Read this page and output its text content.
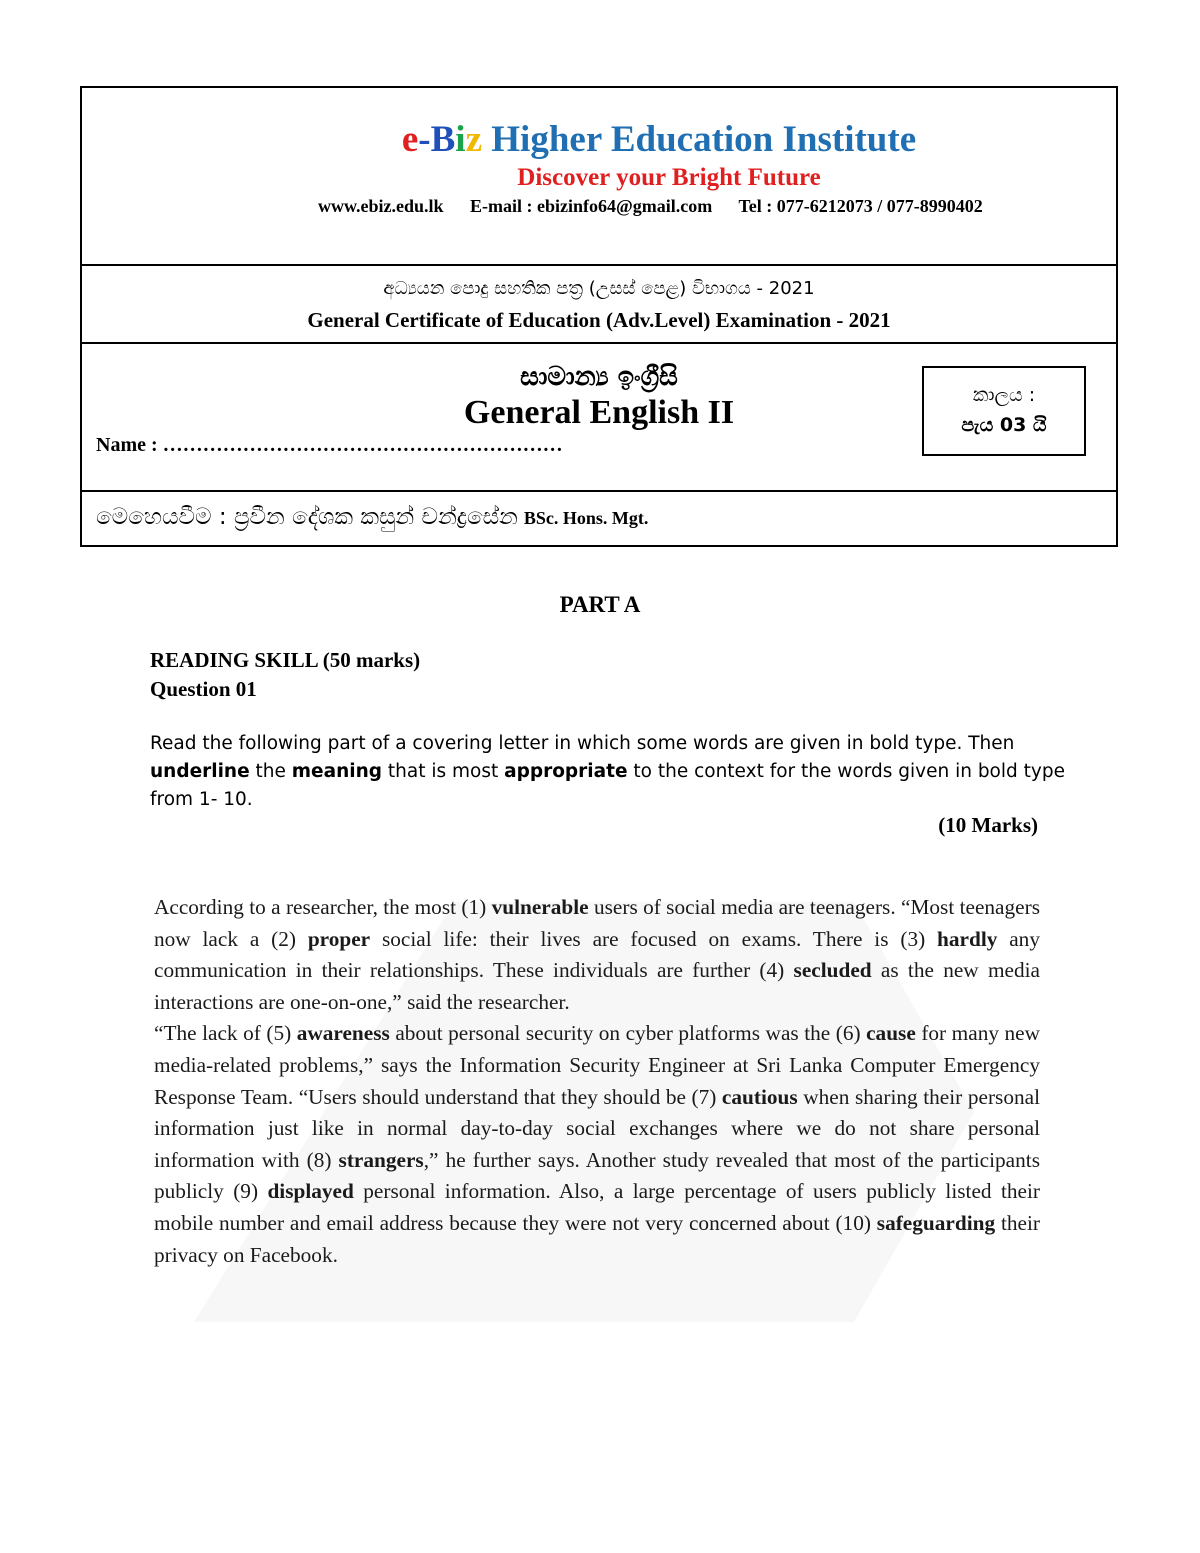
e-Biz Higher Education Institute
Discover your Bright Future
www.ebiz.edu.lk E-mail : ebizinfo64@gmail.com Tel : 077-6212073 / 077-8990402
අධ්‍යයන පොදු සහතික පත්‍ර (උසස් පෙළ) විභාගය - 2021
General Certificate of Education (Adv.Level) Examination - 2021
සාමාන්‍ය ඉංග්‍රීසි
General English II
Name : ……………………………………………………
කාලය :
පැය 03 යි
මෙහෙයවීම : ප්‍රවීන දේශක කසුන් චන්ද්‍රසේන BSc. Hons. Mgt.
PART A
READING SKILL (50 marks)
Question 01
Read the following part of a covering letter in which some words are given in bold type. Then underline the meaning that is most appropriate to the context for the words given in bold type from 1- 10.
(10 Marks)
According to a researcher, the most (1) vulnerable users of social media are teenagers. “Most teenagers now lack a (2) proper social life: their lives are focused on exams. There is (3) hardly any communication in their relationships. These individuals are further (4) secluded as the new media interactions are one-on-one,” said the researcher.
“The lack of (5) awareness about personal security on cyber platforms was the (6) cause for many new media-related problems,” says the Information Security Engineer at Sri Lanka Computer Emergency Response Team. “Users should understand that they should be (7) cautious when sharing their personal information just like in normal day-to-day social exchanges where we do not share personal information with (8) strangers,” he further says. Another study revealed that most of the participants publicly (9) displayed personal information. Also, a large percentage of users publicly listed their mobile number and email address because they were not very concerned about (10) safeguarding their privacy on Facebook.
